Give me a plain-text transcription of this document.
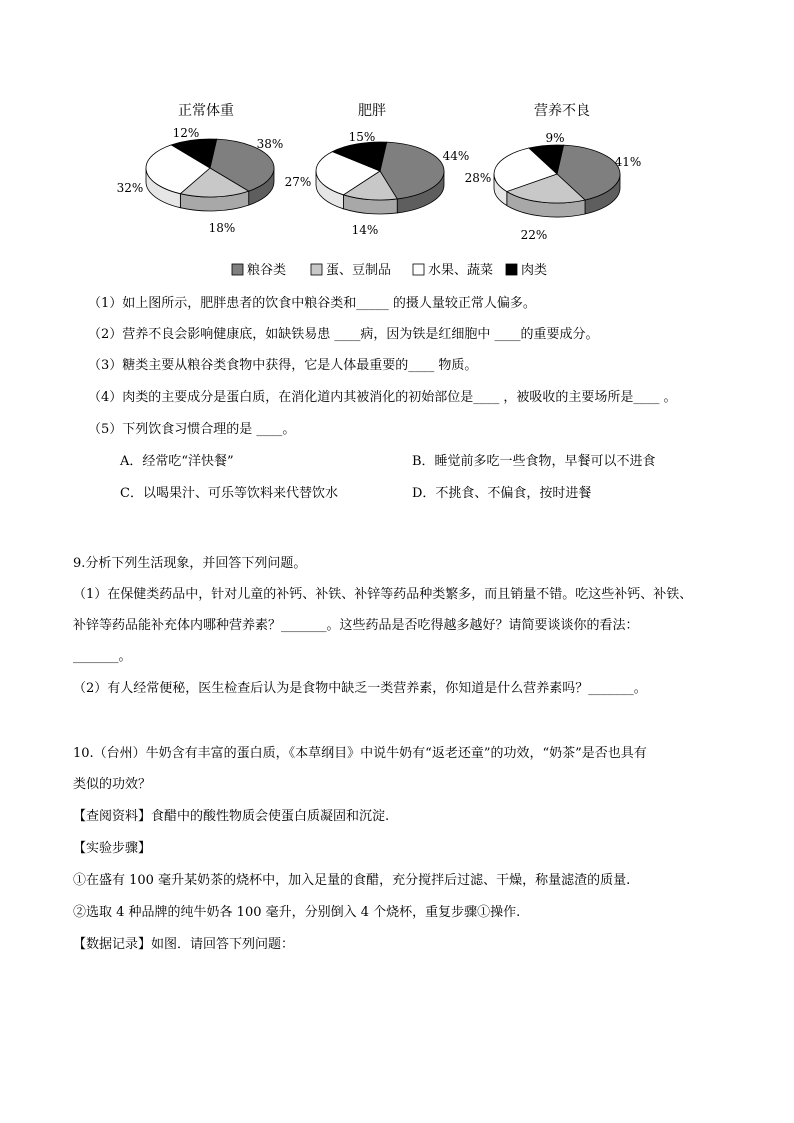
正常体重
38%
18%
32%
12%
肥胖
44%
14%
27%
15%
营养不良
41%
22%
28%
9%
粮谷类	蛋、豆制品	水果、蔬菜 肉类
（1）如上图所示，肥胖患者的饮食中粮谷类和_____ 的摄人量较正常人偏多。
（2）营养不良会影响健康底，如缺铁易患 ____病，因为铁是红细胞中 ____的重要成分。
（3）糖类主要从粮谷类食物中获得，它是人体最重要的____ 物质。
（4）肉类的主要成分是蛋白质，在消化道内其被消化的初始部位是____ ，被吸收的主要场所是____ 。
（5）下列饮食习惯合理的是 ____。
A．经常吃“洋快餐”	B．睡觉前多吃一些食物，早餐可以不进食
C．以喝果汁、可乐等饮料来代替饮水	D．不挑食、不偏食，按时进餐
9.分析下列生活现象，并回答下列问题。
（1）在保健类药品中，针对儿童的补钙、补铁、补锌等药品种类繁多，而且销量不错。吃这些补钙、补铁、
补锌等药品能补充体内哪种营养素？_______。这些药品是否吃得越多越好？请简要谈谈你的看法：
_______。
（2）有人经常便秘，医生检查后认为是食物中缺乏一类营养素，你知道是什么营养素吗？_______。
10.（台州）牛奶含有丰富的蛋白质，《本草纲目》中说牛奶有“返老还童”的功效，“奶茶”是否也具有
类似的功效？
【查阅资料】食醋中的酸性物质会使蛋白质凝固和沉淀.
【实验步骤】
①在盛有 100 毫升某奶茶的烧杯中，加入足量的食醋，充分搅拌后过滤、干燥，称量滤渣的质量.
②选取 4 种品牌的纯牛奶各 100 毫升，分别倒入 4 个烧杯，重复步骤①操作.
【数据记录】如图．请回答下列问题：
